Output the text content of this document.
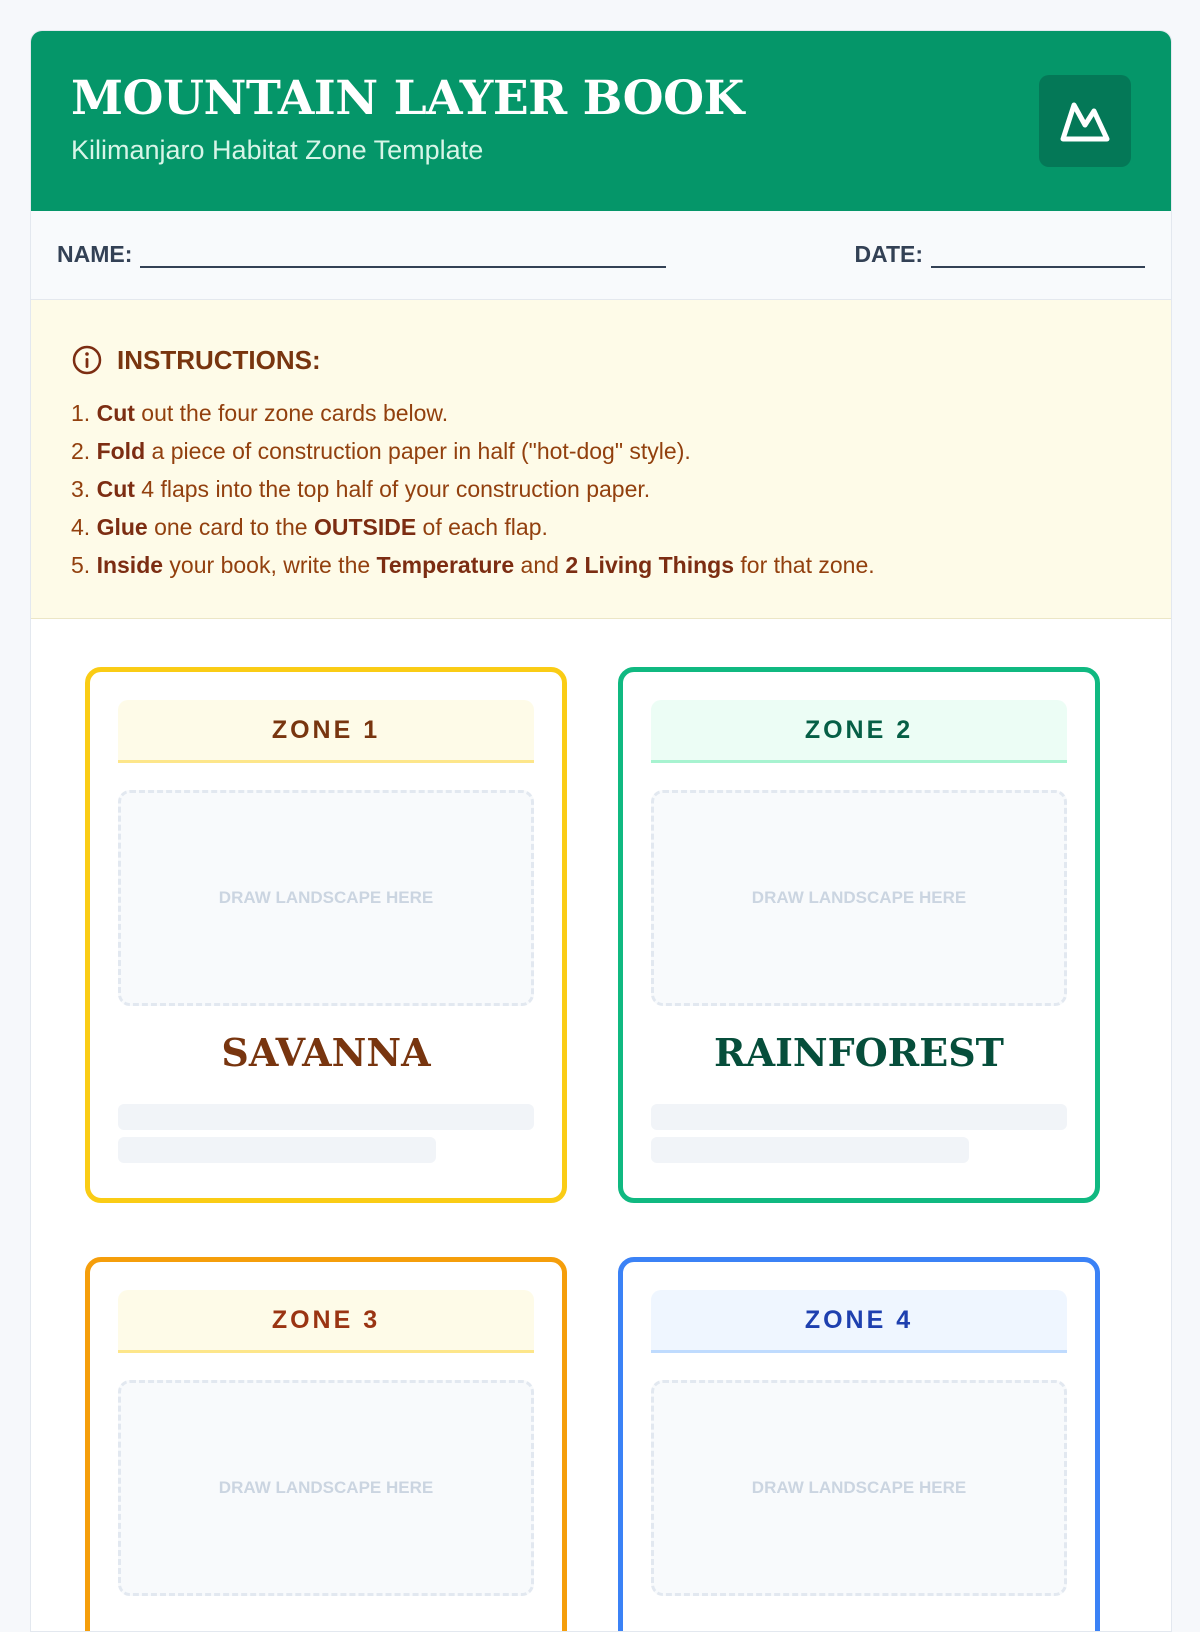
MOUNTAIN LAYER BOOK
Kilimanjaro Habitat Zone Template
NAME:	DATE:
INSTRUCTIONS:
1. Cut out the four zone cards below.
2. Fold a piece of construction paper in half ("hot-dog" style).
3. Cut 4 flaps into the top half of your construction paper.
4. Glue one card to the OUTSIDE of each flap.
5. Inside your book, write the Temperature and 2 Living Things for that zone.
ZONE 1
DRAW LANDSCAPE HERE
SAVANNA
ZONE 2
DRAW LANDSCAPE HERE
RAINFOREST
ZONE 3
DRAW LANDSCAPE HERE
ZONE 4
DRAW LANDSCAPE HERE
